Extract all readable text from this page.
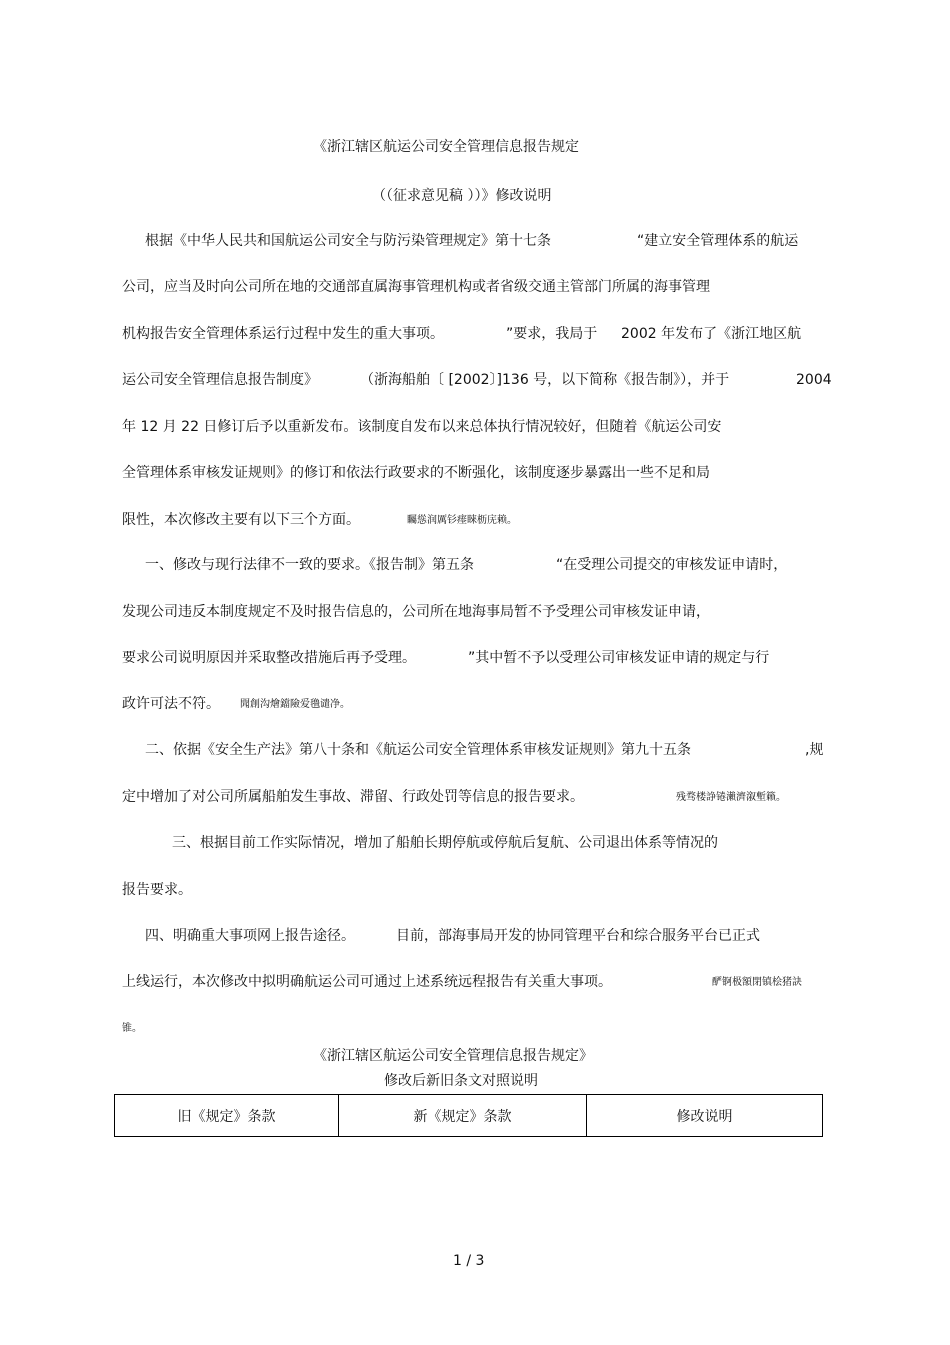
《浙江辖区航运公司安全管理信息报告规定
（（征求意见稿 ））》修改说明
根据《中华人民共和国航运公司安全与防污染管理规定》第十七条	“建立安全管理体系的航运
公司，应当及时向公司所在地的交通部直属海事管理机构或者省级交通主管部门所属的海事管理
机构报告安全管理体系运行过程中发生的重大事项。	”要求，我局于 2002 年发布了《浙江地区航
运公司安全管理信息报告制度》	（浙海船舶〔 [2002〕]136 号，以下简称《报告制》），并于	2004
年 12 月 22 日修订后予以重新发布。该制度自发布以来总体执行情况较好，但随着《航运公司安
全管理体系审核发证规则》的修订和依法行政要求的不断强化，该制度逐步暴露出一些不足和局
限性，本次修改主要有以下三个方面。	矚慫润厲钐瘗睞枥庑赖。
一、修改与现行法律不一致的要求。《报告制》第五条	“在受理公司提交的审核发证申请时，
发现公司违反本制度规定不及时报告信息的，公司所在地海事局暂不予受理公司审核发证申请，
要求公司说明原因并采取整改措施后再予受理。	”其中暂不予以受理公司审核发证申请的规定与行
政许可法不符。 聞創沟燴鐺險爱氇谴净。
二、依据《安全生产法》第八十条和《航运公司安全管理体系审核发证规则》第九十五条	,规
定中增加了对公司所属船舶发生事故、滞留、行政处罚等信息的报告要求。	残骛楼諍锩瀨濟溆塹籟。
三、根据目前工作实际情况，增加了船舶长期停航或停航后复航、公司退出体系等情况的
报告要求。
四、明确重大事项网上报告途径。	目前，部海事局开发的协同管理平台和综合服务平台已正式
上线运行，本次修改中拟明确航运公司可通过上述系统远程报告有关重大事项。	酽锕极額閉镇桧猪訣
锥。
《浙江辖区航运公司安全管理信息报告规定》
修改后新旧条文对照说明
旧《规定》条款	新《规定》条款	修改说明
1 / 3
